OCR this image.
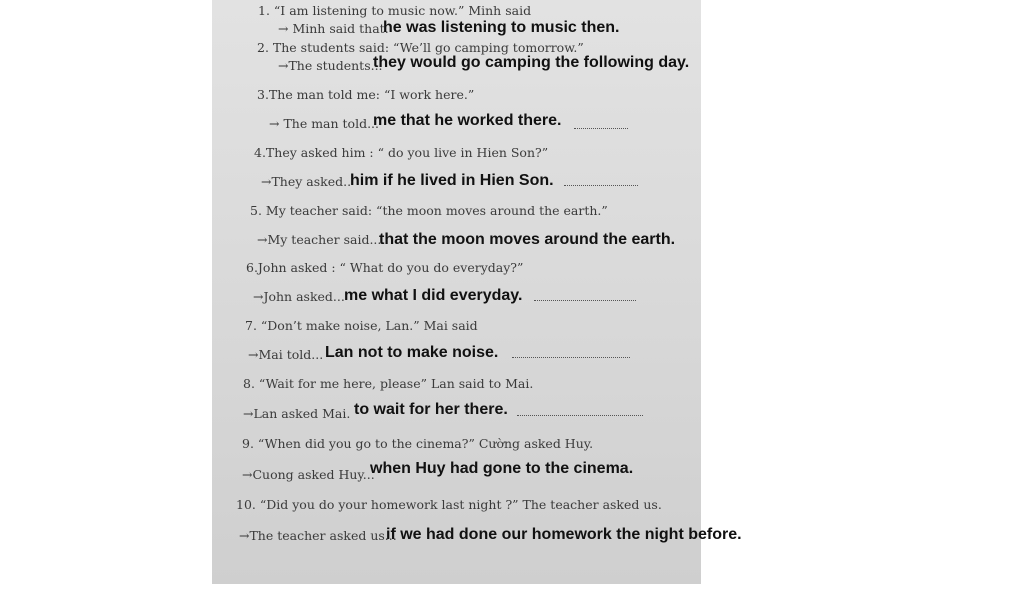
1. “I am listening to music now.” Minh said
→ Minh said that.
2. The students said: “We’ll go camping tomorrow.”
→The students...
3.The man told me: “I work here.”
→ The man told...
4.They asked him : “ do you live in Hien Son?”
→They asked..
5. My teacher said: “the moon moves around the earth.”
→My teacher said....
6.John asked : “ What do you do everyday?”
→John asked...
7. “Don’t make noise, Lan.” Mai said
→Mai told...
8. “Wait for me here, please” Lan said to Mai.
→Lan asked Mai.
9. “When did you go to the cinema?” Cường asked Huy.
→Cuong asked Huy...
10. “Did you do your homework last night ?” The teacher asked us.
→The teacher asked us...
he was listening to music then.
they would go camping the following day.
me that he worked there.
him if he lived in Hien Son.
that the moon moves around the earth.
me what I did everyday.
Lan not to make noise.
to wait for her there.
when Huy had gone to the cinema.
if we had done our homework the night before.
